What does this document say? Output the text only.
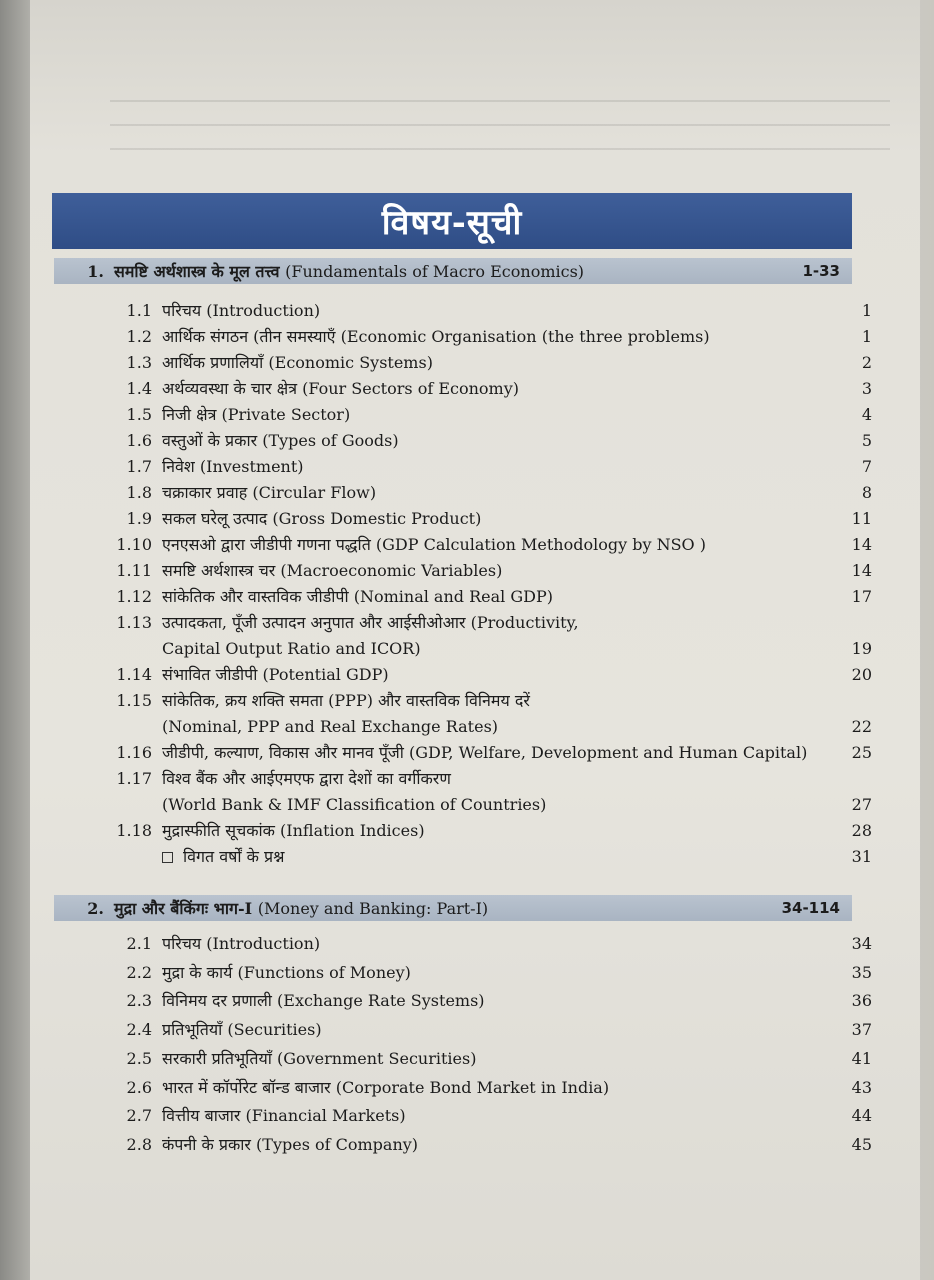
विषय-सूची
1. समष्टि अर्थशास्त्र के मूल तत्त्व (Fundamentals of Macro Economics)	1-33
1.1 परिचय (Introduction)	1
1.2 आर्थिक संगठन (तीन समस्याएँ (Economic Organisation (the three problems)	1
1.3 आर्थिक प्रणालियाँ (Economic Systems)	2
1.4 अर्थव्यवस्था के चार क्षेत्र (Four Sectors of Economy)	3
1.5 निजी क्षेत्र (Private Sector)	4
1.6 वस्तुओं के प्रकार (Types of Goods)	5
1.7 निवेश (Investment)	7
1.8 चक्राकार प्रवाह (Circular Flow)	8
1.9 सकल घरेलू उत्पाद (Gross Domestic Product)	11
1.10 एनएसओ द्वारा जीडीपी गणना पद्धति (GDP Calculation Methodology by NSO )	14
1.11 समष्टि अर्थशास्त्र चर (Macroeconomic Variables)	14
1.12 सांकेतिक और वास्तविक जीडीपी (Nominal and Real GDP)	17
1.13 उत्पादकता, पूँजी उत्पादन अनुपात और आईसीओआर (Productivity,
Capital Output Ratio and ICOR)	19
1.14 संभावित जीडीपी (Potential GDP)	20
1.15 सांकेतिक, क्रय शक्ति समता (PPP) और वास्तविक विनिमय दरें
(Nominal, PPP and Real Exchange Rates)	22
1.16 जीडीपी, कल्याण, विकास और मानव पूँजी (GDP, Welfare, Development and Human Capital)	25
1.17 विश्व बैंक और आईएमएफ द्वारा देशों का वर्गीकरण
(World Bank & IMF Classification of Countries)	27
1.18 मुद्रास्फीति सूचकांक (Inflation Indices)	28
विगत वर्षों के प्रश्न	31
2. मुद्रा और बैंकिंगः भाग-I (Money and Banking: Part-I)	34-114
2.1 परिचय (Introduction)	34
2.2 मुद्रा के कार्य (Functions of Money)	35
2.3 विनिमय दर प्रणाली (Exchange Rate Systems)	36
2.4 प्रतिभूतियाँ (Securities)	37
2.5 सरकारी प्रतिभूतियाँ (Government Securities)	41
2.6 भारत में कॉर्पोरेट बॉन्ड बाजार (Corporate Bond Market in India)	43
2.7 वित्तीय बाजार (Financial Markets)	44
2.8 कंपनी के प्रकार (Types of Company)	45
